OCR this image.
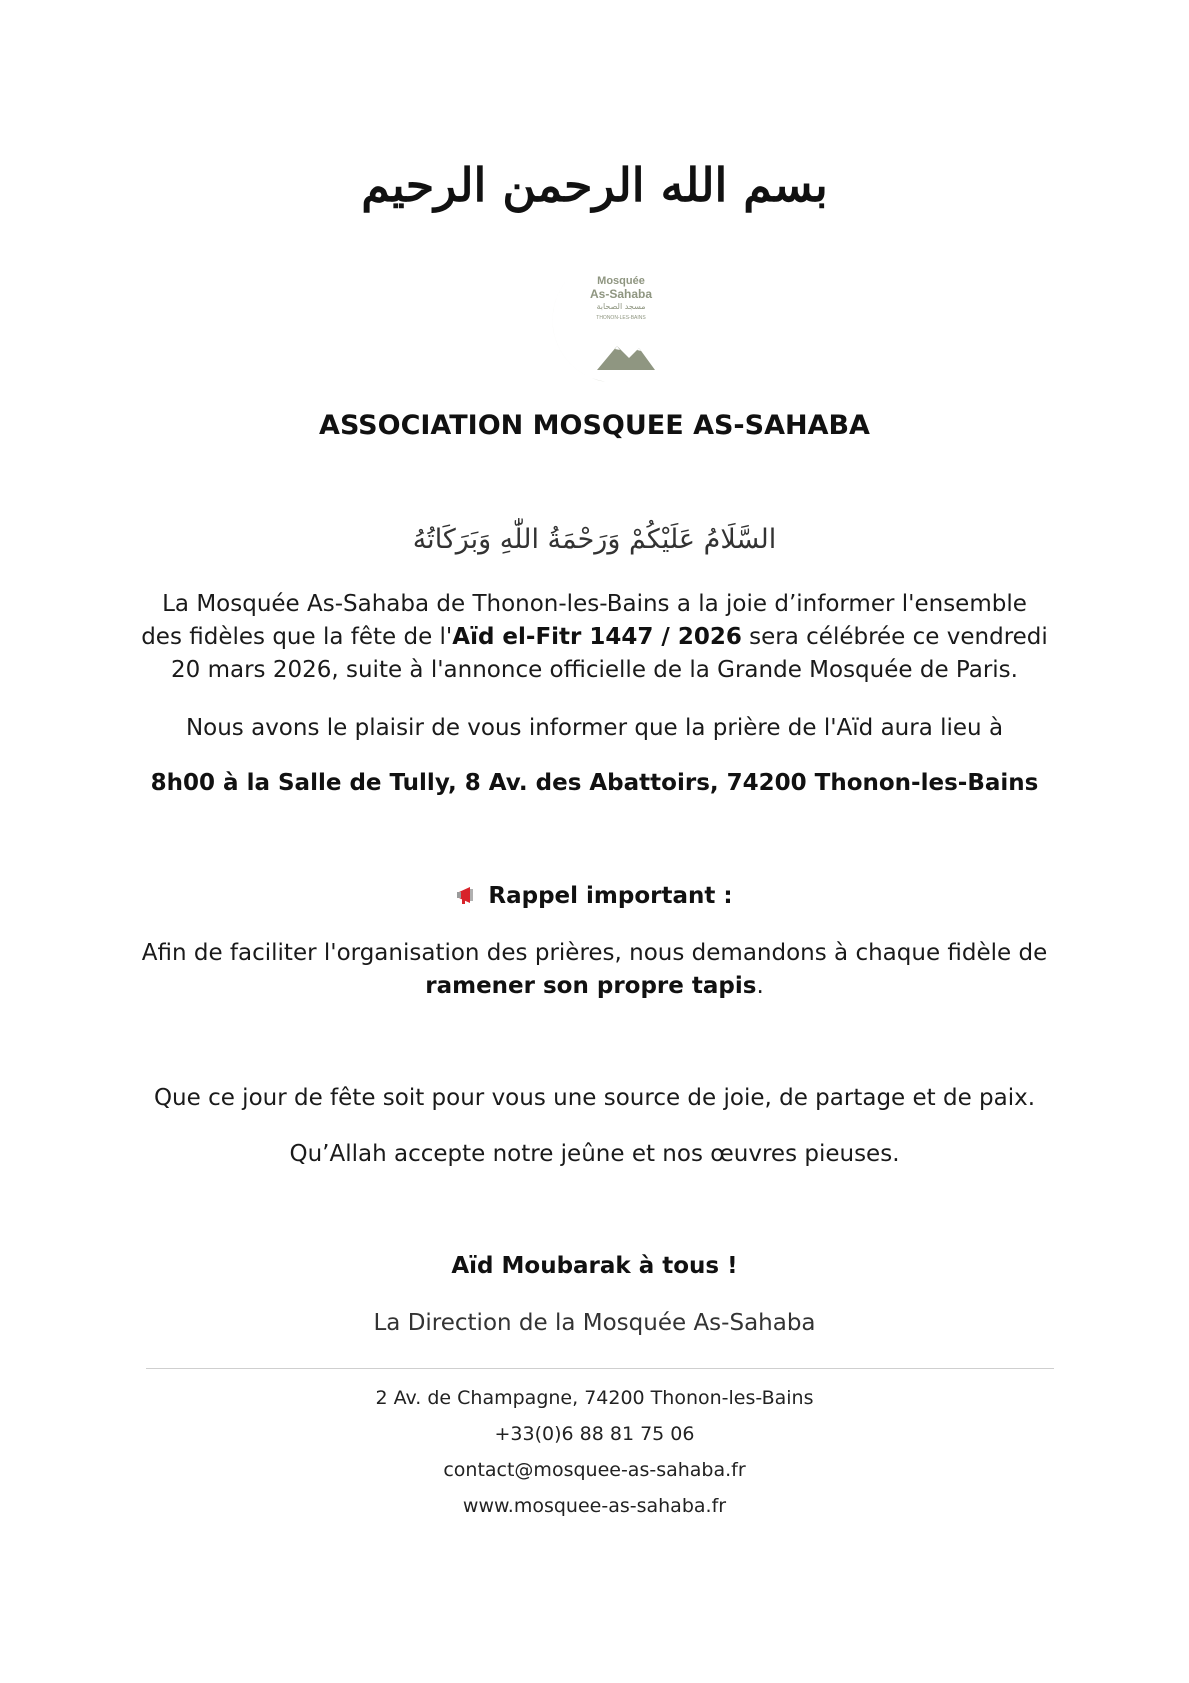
بسم الله الرحمن الرحيم
Mosquée
As-Sahaba
مسجد الصحابة
THONON-LES-BAINS
ASSOCIATION MOSQUEE AS-SAHABA
السَّلَامُ عَلَيْكُمْ وَرَحْمَةُ اللّٰهِ وَبَرَكَاتُهُ
La Mosquée As-Sahaba de Thonon-les-Bains a la joie d’informer l'ensemble des fidèles que la fête de l'Aïd el-Fitr 1447 / 2026 sera célébrée ce vendredi 20 mars 2026, suite à l'annonce officielle de la Grande Mosquée de Paris.
Nous avons le plaisir de vous informer que la prière de l'Aïd aura lieu à
8h00 à la Salle de Tully, 8 Av. des Abattoirs, 74200 Thonon-les-Bains
Rappel important :
Afin de faciliter l'organisation des prières, nous demandons à chaque fidèle de ramener son propre tapis.
Que ce jour de fête soit pour vous une source de joie, de partage et de paix.
Qu’Allah accepte notre jeûne et nos œuvres pieuses.
Aïd Moubarak à tous !
La Direction de la Mosquée As-Sahaba
2 Av. de Champagne, 74200 Thonon-les-Bains
+33(0)6 88 81 75 06
contact@mosquee-as-sahaba.fr
www.mosquee-as-sahaba.fr
